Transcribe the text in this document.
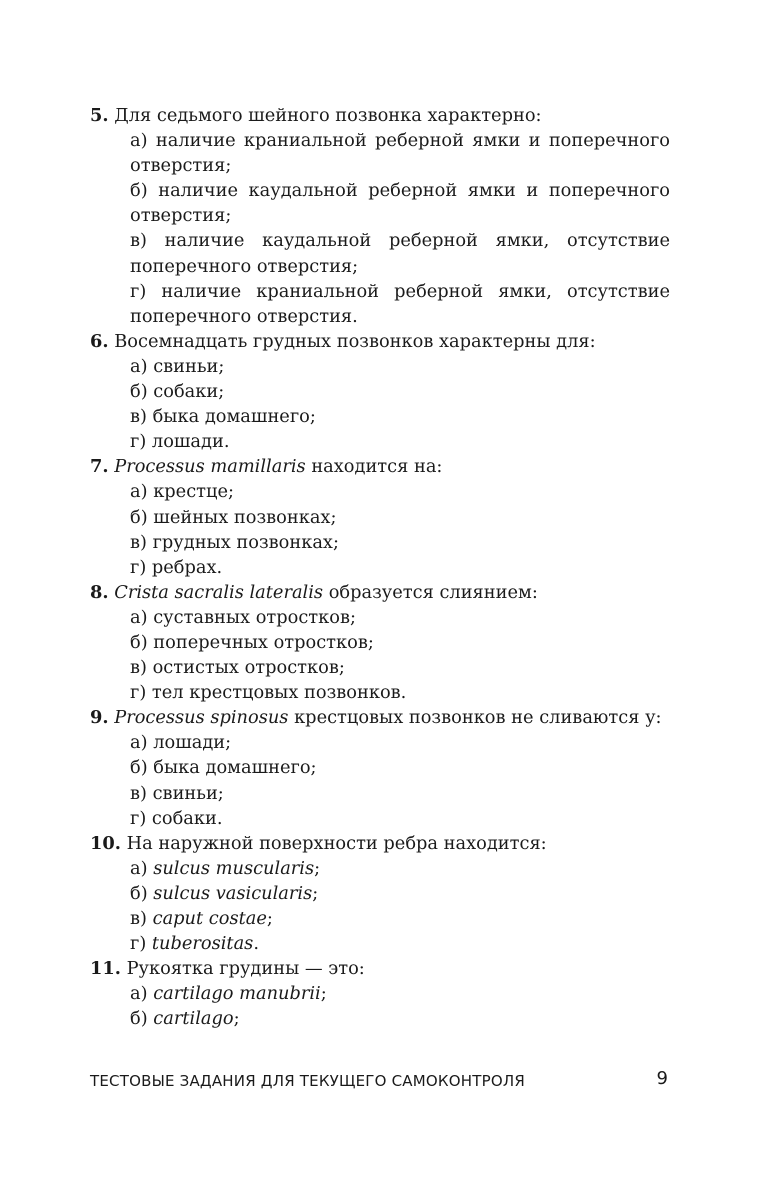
5. Для седьмого шейного позвонка характерно:

а) наличие краниальной реберной ямки и поперечного отверстия;

б) наличие каудальной реберной ямки и поперечного отверстия;

в) наличие каудальной реберной ямки, отсутствие поперечного отверстия;

г) наличие краниальной реберной ямки, отсутствие поперечного отверстия.

6. Восемнадцать грудных позвонков характерны для:

а) свиньи;

б) собаки;

в) быка домашнего;

г) лошади.

7. Processus mamillaris находится на:

а) крестце;

б) шейных позвонках;

в) грудных позвонках;

г) ребрах.

8. Crista sacralis lateralis образуется слиянием:

а) суставных отростков;

б) поперечных отростков;

в) остистых отростков;

г) тел крестцовых позвонков.

9. Processus spinosus крестцовых позвонков не сливаются у:

а) лошади;

б) быка домашнего;

в) свиньи;

г) собаки.

10. На наружной поверхности ребра находится:

а) sulcus muscularis;

б) sulcus vasicularis;

в) caput costae;

г) tuberositas.

11. Рукоятка грудины — это:

а) cartilago manubrii;

б) cartilago;

ТЕСТОВЫЕ ЗАДАНИЯ ДЛЯ ТЕКУЩЕГО САМОКОНТРОЛЯ	9
